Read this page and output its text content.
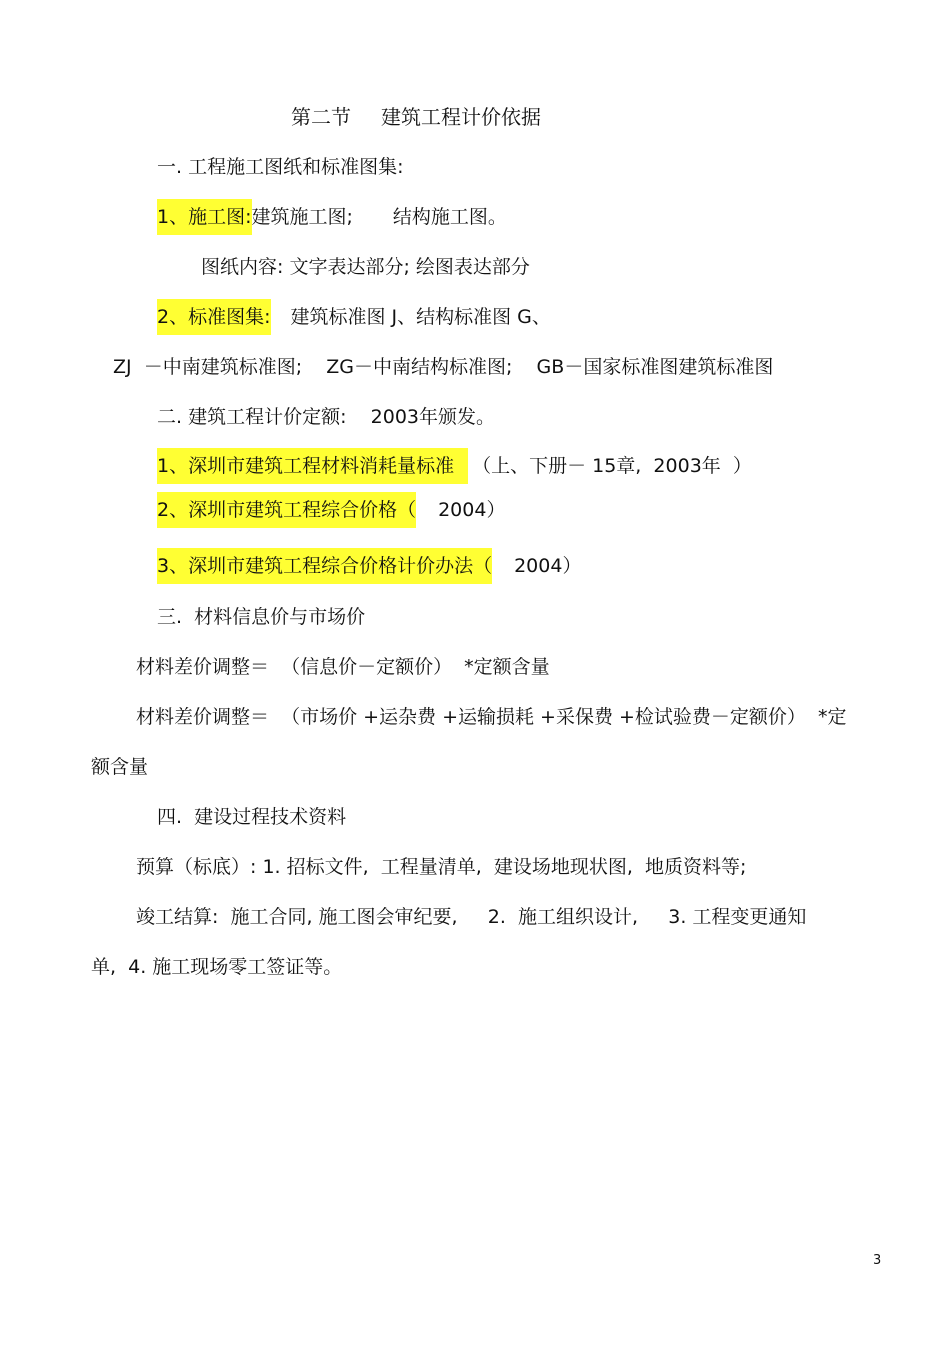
第二节 建筑工程计价依据
一. 工程施工图纸和标准图集:
1、施工图:建筑施工图; 结构施工图。
图纸内容: 文字表达部分; 绘图表达部分
2、标准图集: 建筑标准图 J、结构标准图 G、
ZJ  －中南建筑标准图;    ZG－中南结构标准图;    GB－国家标准图建筑标准图
二. 建筑工程计价定额:    2003年颁发。
1、深圳市建筑工程材料消耗量标准 （上、下册－ 15章,  2003年  ）
2、深圳市建筑工程综合价格（ 2004）
3、深圳市建筑工程综合价格计价办法（ 2004）
三.  材料信息价与市场价
材料差价调整＝  （信息价－定额价）  *定额含量
材料差价调整＝  （市场价 +运杂费 +运输损耗 +采保费 +检试验费－定额价）  *定
额含量
四.  建设过程技术资料
预算（标底）: 1. 招标文件,  工程量清单,  建设场地现状图,  地质资料等;
竣工结算:  施工合同, 施工图会审纪要,     2.  施工组织设计,     3. 工程变更通知
单,  4. 施工现场零工签证等。
3
